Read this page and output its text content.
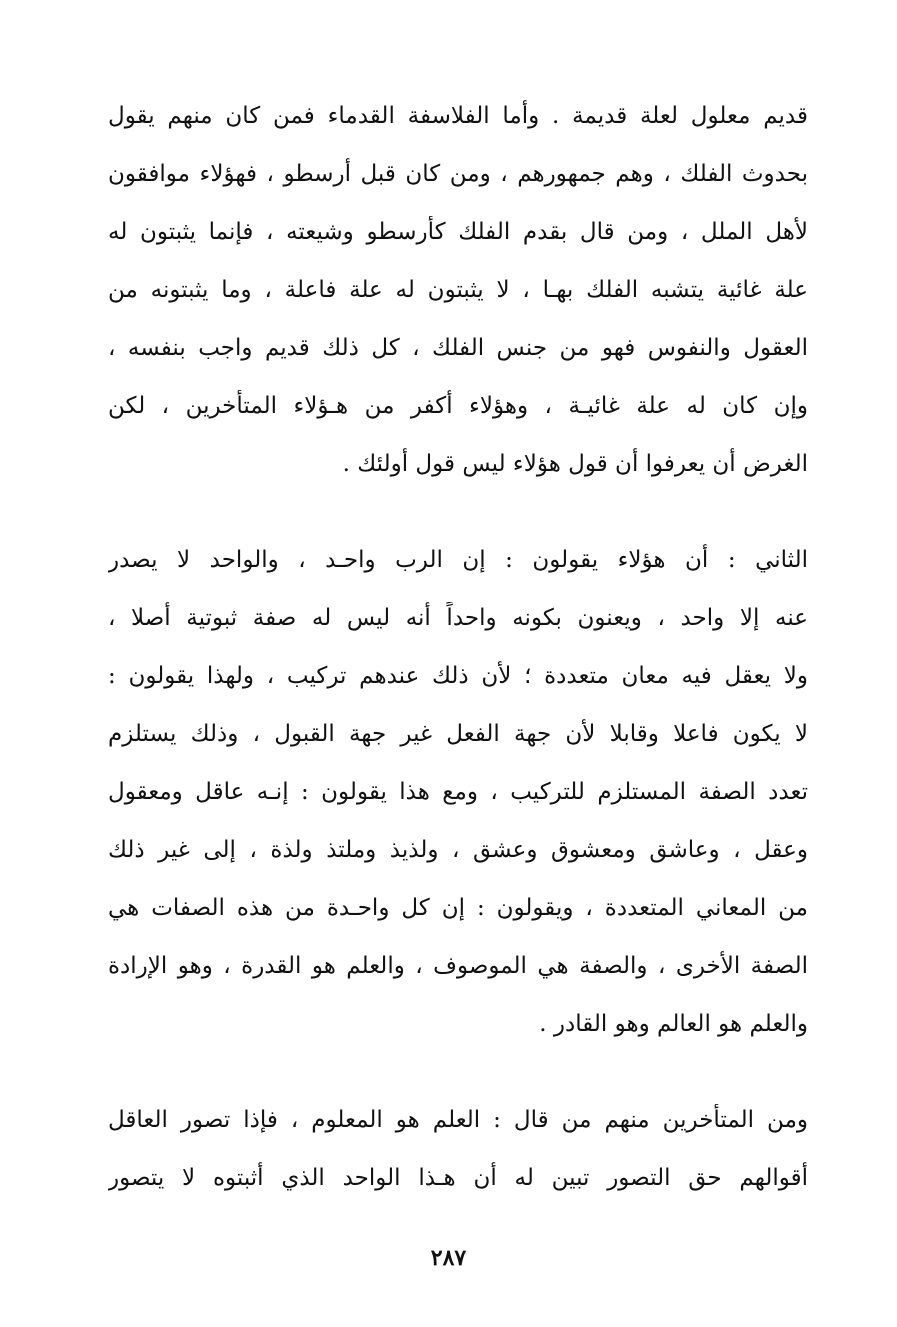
قديم معلول لعلة قديمة . وأما الفلاسفة القدماء فمن كان منهم يقول
بحدوث الفلك ، وهم جمهورهم ، ومن كان قبل أرسطو ، فهؤلاء موافقون
لأهل الملل ، ومن قال بقدم الفلك كأرسطو وشيعته ، فإنما يثبتون له
علة غائية يتشبه الفلك بهـا ، لا يثبتون له علة فاعلة ، وما يثبتونه من
العقول والنفوس فهو من جنس الفلك ، كل ذلك قديم واجب بنفسه ،
وإن كان له علة غائيـة ، وهؤلاء أكفر من هـؤلاء المتأخرين ، لكن
الغرض أن يعرفوا أن قول هؤلاء ليس قول أولئك .
الثاني : أن هؤلاء يقولون : إن الرب واحـد ، والواحد لا يصدر
عنه إلا واحد ، ويعنون بكونه واحداً أنه ليس له صفة ثبوتية أصلا ،
ولا يعقل فيه معان متعددة ؛ لأن ذلك عندهم تركيب ، ولهذا يقولون :
لا يكون فاعلا وقابلا لأن جهة الفعل غير جهة القبول ، وذلك يستلزم
تعدد الصفة المستلزم للتركيب ، ومع هذا يقولون : إنـه عاقل ومعقول
وعقل ، وعاشق ومعشوق وعشق ، ولذيذ وملتذ ولذة ، إلى غير ذلك
من المعاني المتعددة ، ويقولون : إن كل واحـدة من هذه الصفات هي
الصفة الأخرى ، والصفة هي الموصوف ، والعلم هو القدرة ، وهو الإرادة
والعلم هو العالم وهو القادر .
ومن المتأخرين منهم من قال : العلم هو المعلوم ، فإذا تصور العاقل
أقوالهم حق التصور تبين له أن هـذا الواحد الذي أثبتوه لا يتصور
٢٨٧
